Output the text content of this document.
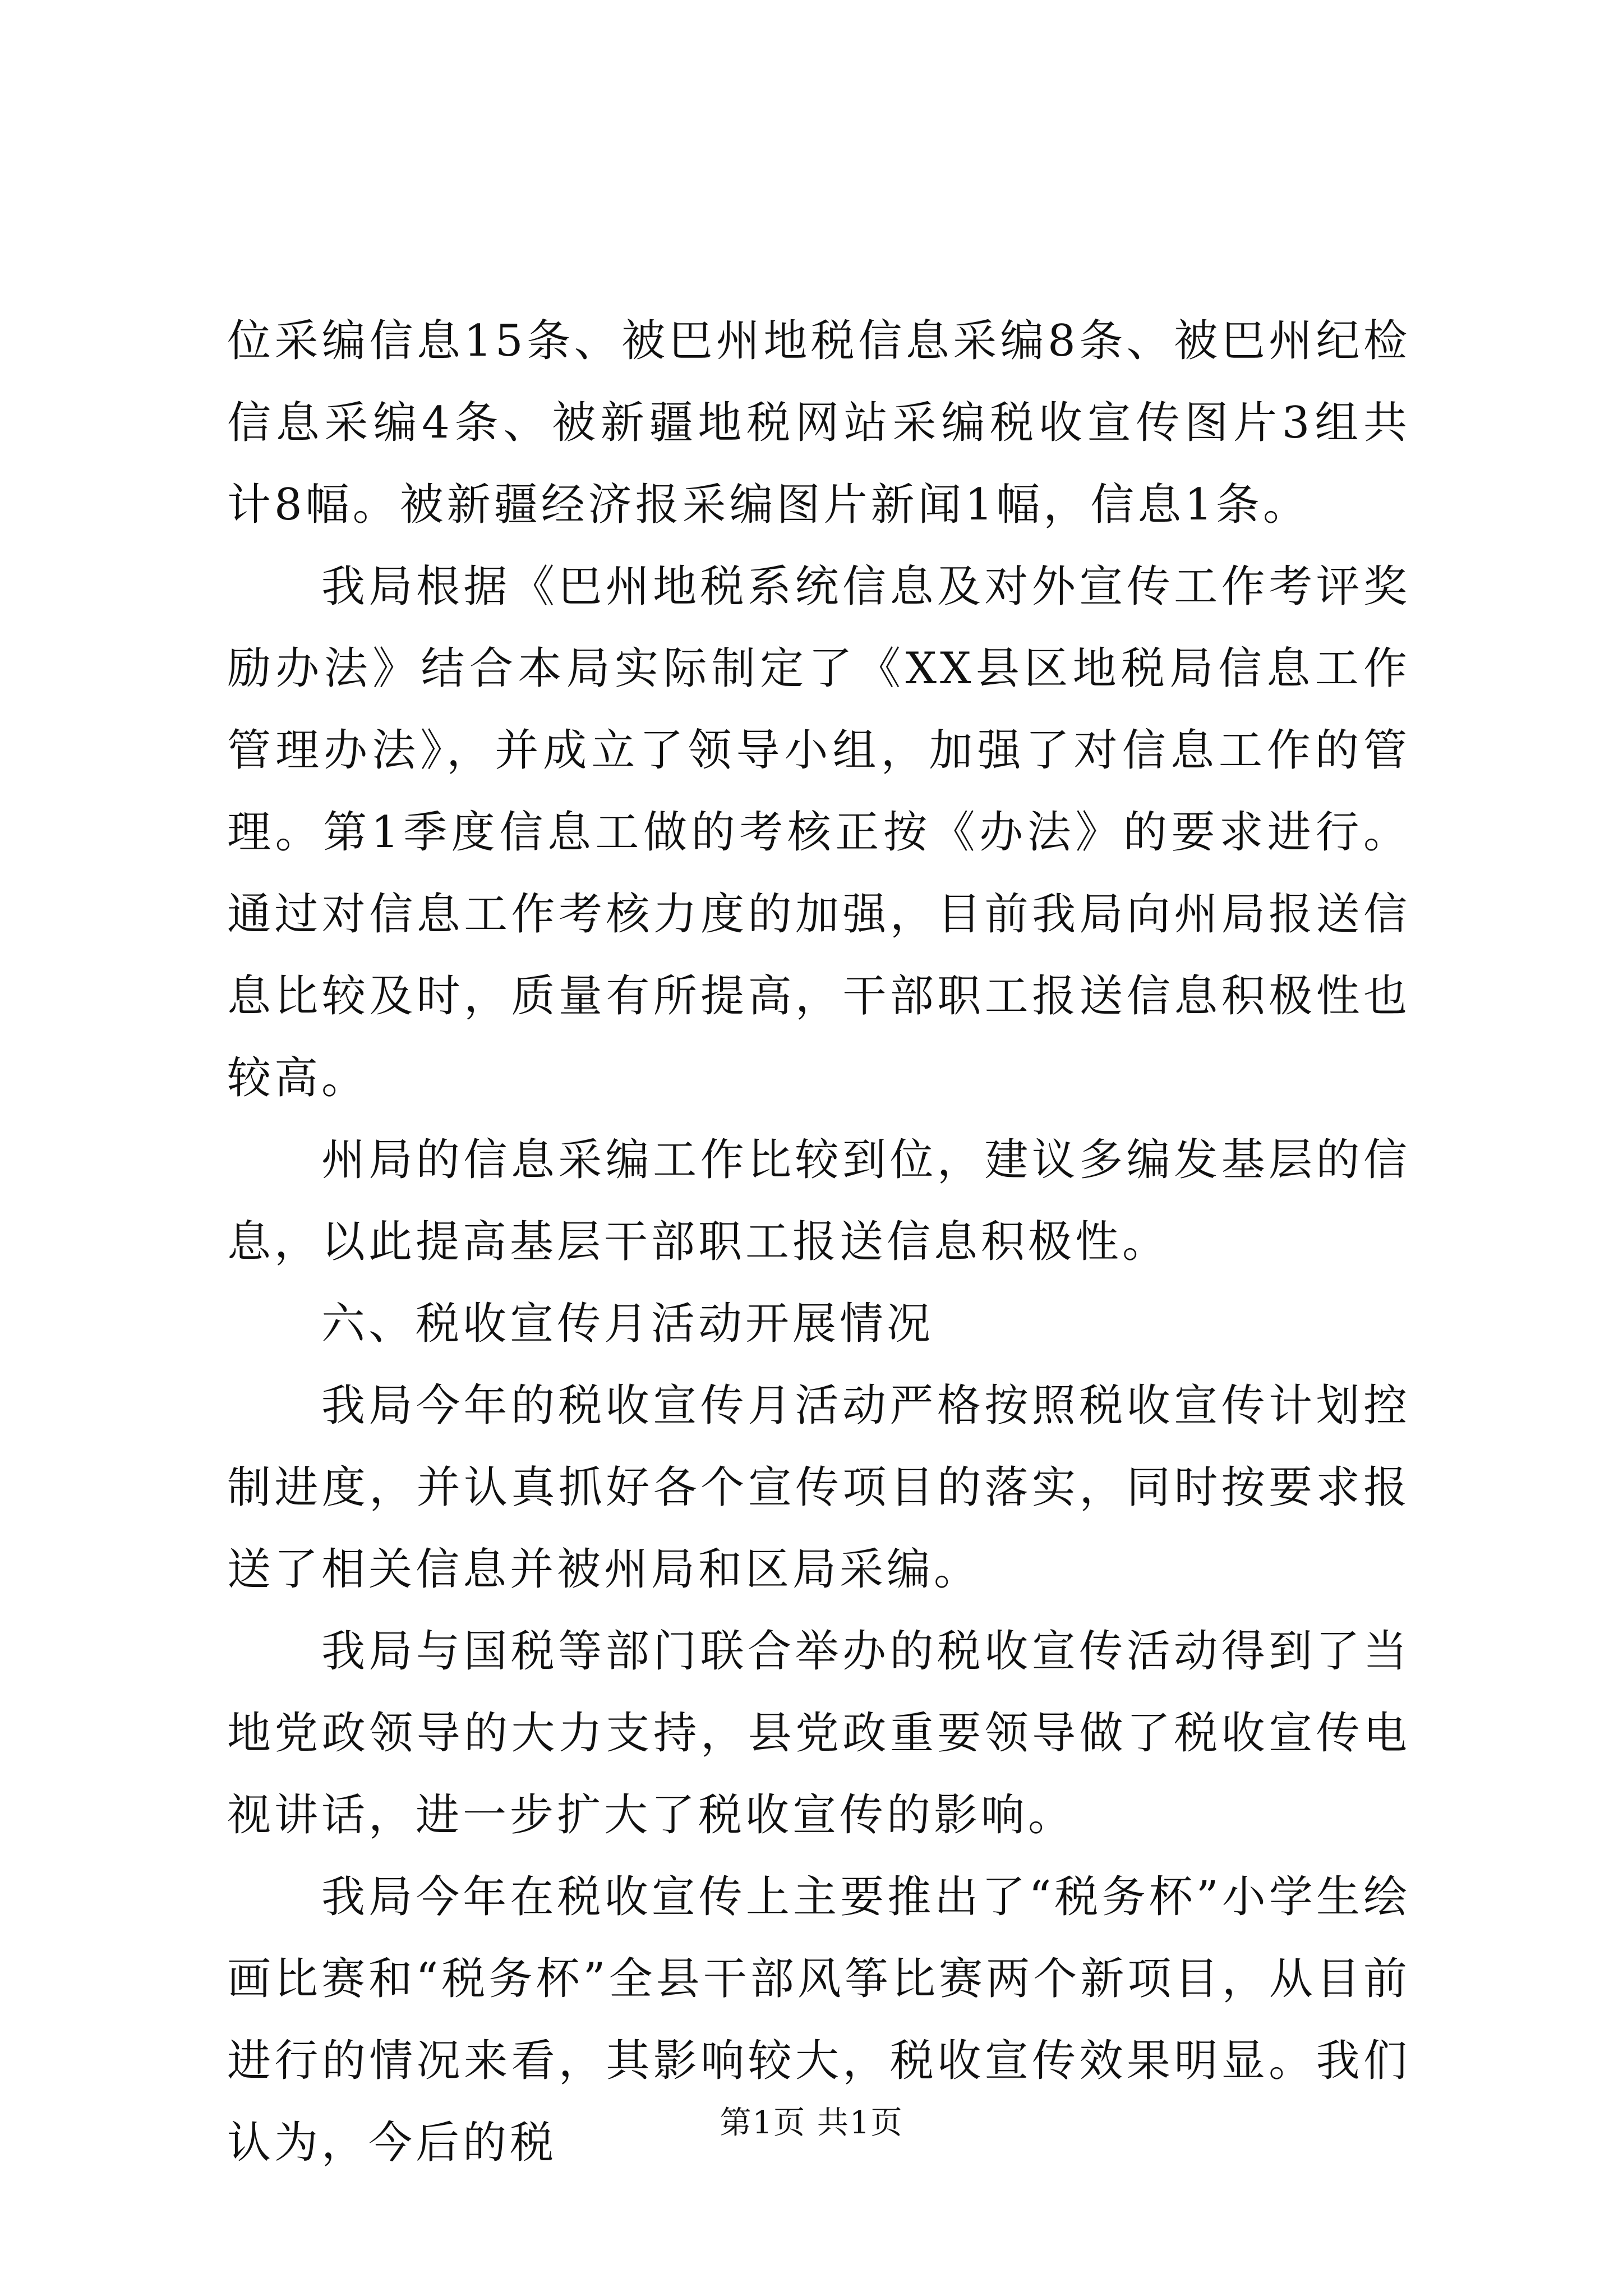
位采编信息15条、被巴州地税信息采编8条、被巴州纪检信息采编4条、被新疆地税网站采编税收宣传图片3组共计8幅。被新疆经济报采编图片新闻1幅，信息1条。

我局根据《巴州地税系统信息及对外宣传工作考评奖励办法》结合本局实际制定了《XX县区地税局信息工作管理办法》，并成立了领导小组，加强了对信息工作的管理。第1季度信息工做的考核正按《办法》的要求进行。通过对信息工作考核力度的加强，目前我局向州局报送信息比较及时，质量有所提高，干部职工报送信息积极性也较高。

州局的信息采编工作比较到位，建议多编发基层的信息，以此提高基层干部职工报送信息积极性。

六、税收宣传月活动开展情况

我局今年的税收宣传月活动严格按照税收宣传计划控制进度，并认真抓好各个宣传项目的落实，同时按要求报送了相关信息并被州局和区局采编。

我局与国税等部门联合举办的税收宣传活动得到了当地党政领导的大力支持，县党政重要领导做了税收宣传电视讲话，进一步扩大了税收宣传的影响。

我局今年在税收宣传上主要推出了“税务杯”小学生绘画比赛和“税务杯”全县干部风筝比赛两个新项目，从目前进行的情况来看，其影响较大，税收宣传效果明显。我们认为，今后的税	第1页 共1页
